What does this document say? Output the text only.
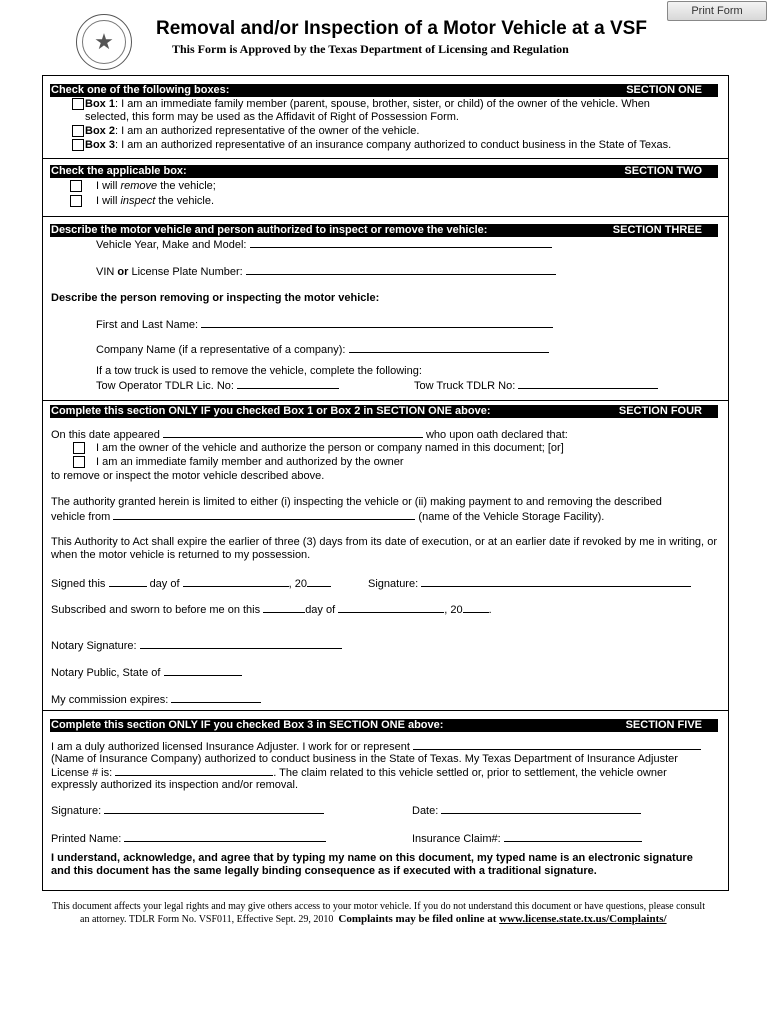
Print Form
★
Removal and/or Inspection of a Motor Vehicle at a VSF
This Form is Approved by the Texas Department of Licensing and Regulation
Check one of the following boxes:	SECTION ONE
Box 1: I am an immediate family member (parent, spouse, brother, sister, or child) of the owner of the vehicle. When
selected, this form may be used as the Affidavit of Right of Possession Form.
Box 2: I am an authorized representative of the owner of the vehicle.
Box 3: I am an authorized representative of an insurance company authorized to conduct business in the State of Texas.
Check the applicable box:	SECTION TWO
I will remove the vehicle;
I will inspect the vehicle.
Describe the motor vehicle and person authorized to inspect or remove the vehicle:	SECTION THREE
Vehicle Year, Make and Model:
VIN or License Plate Number:
Describe the person removing or inspecting the motor vehicle:
First and Last Name:
Company Name (if a representative of a company):
If a tow truck is used to remove the vehicle, complete the following:
Tow Operator TDLR Lic. No:	Tow Truck TDLR No:
Complete this section ONLY IF you checked Box 1 or Box 2 in SECTION ONE above:	SECTION FOUR
On this date appeared	who upon oath declared that:
I am the owner of the vehicle and authorize the person or company named in this document; [or]
I am an immediate family member and authorized by the owner
to remove or inspect the motor vehicle described above.
The authority granted herein is limited to either (i) inspecting the vehicle or (ii) making payment to and removing the described
vehicle from	(name of the Vehicle Storage Facility).
This Authority to Act shall expire the earlier of three (3) days from its date of execution, or at an earlier date if revoked by me in writing, or when the motor vehicle is returned to my possession.
Signed this	day of	, 20	Signature:
Subscribed and sworn to before me on this	day of	, 20 .
Notary Signature:
Notary Public, State of
My commission expires:
Complete this section ONLY IF you checked Box 3 in SECTION ONE above:	SECTION FIVE
I am a duly authorized licensed Insurance Adjuster. I work for or represent
(Name of Insurance Company) authorized to conduct business in the State of Texas. My Texas Department of Insurance Adjuster
License # is:	. The claim related to this vehicle settled or, prior to settlement, the vehicle owner
expressly authorized its inspection and/or removal.
Signature:	Date:
Printed Name:	Insurance Claim#:
I understand, acknowledge, and agree that by typing my name on this document, my typed name is an electronic signature
and this document has the same legally binding consequence as if executed with a traditional signature.
This document affects your legal rights and may give others access to your motor vehicle. If you do not understand this document or have questions, please consult
an attorney. TDLR Form No. VSF011, Effective Sept. 29, 2010 Complaints may be filed online at www.license.state.tx.us/Complaints/
